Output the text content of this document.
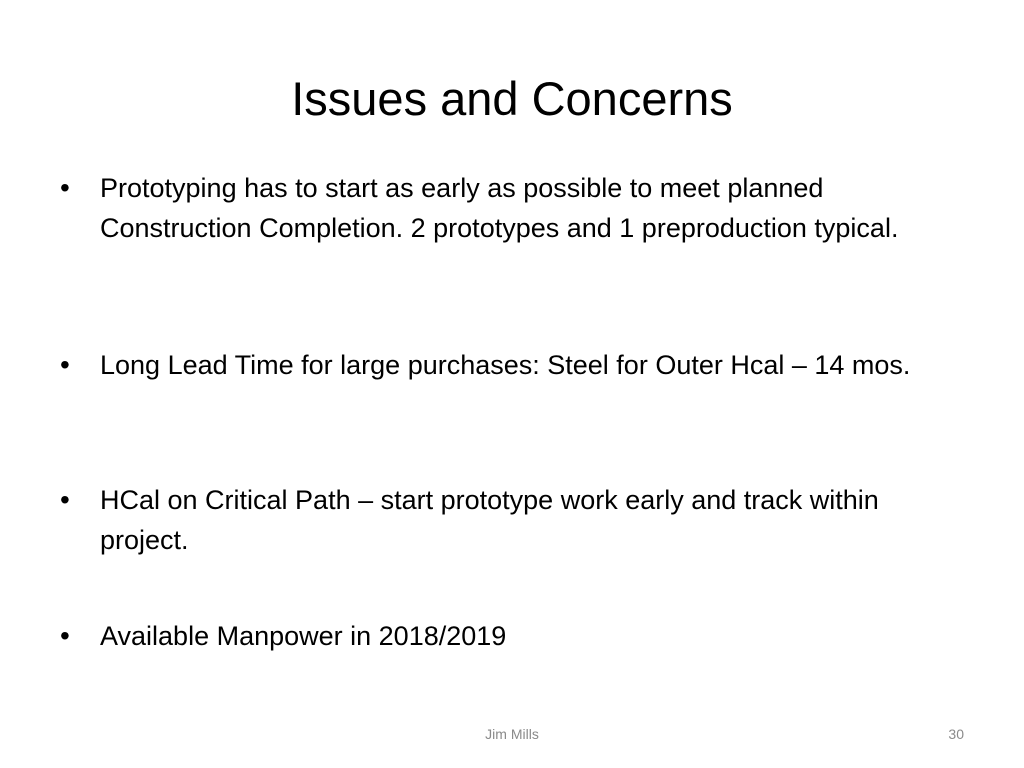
Issues and Concerns
•	Prototyping has to start as early as possible to meet planned Construction Completion. 2 prototypes and 1 preproduction typical.
•	Long Lead Time for large purchases: Steel for Outer Hcal – 14 mos.
•	HCal on Critical Path – start prototype work early and track within project.
•	Available Manpower in 2018/2019
Jim Mills	30
